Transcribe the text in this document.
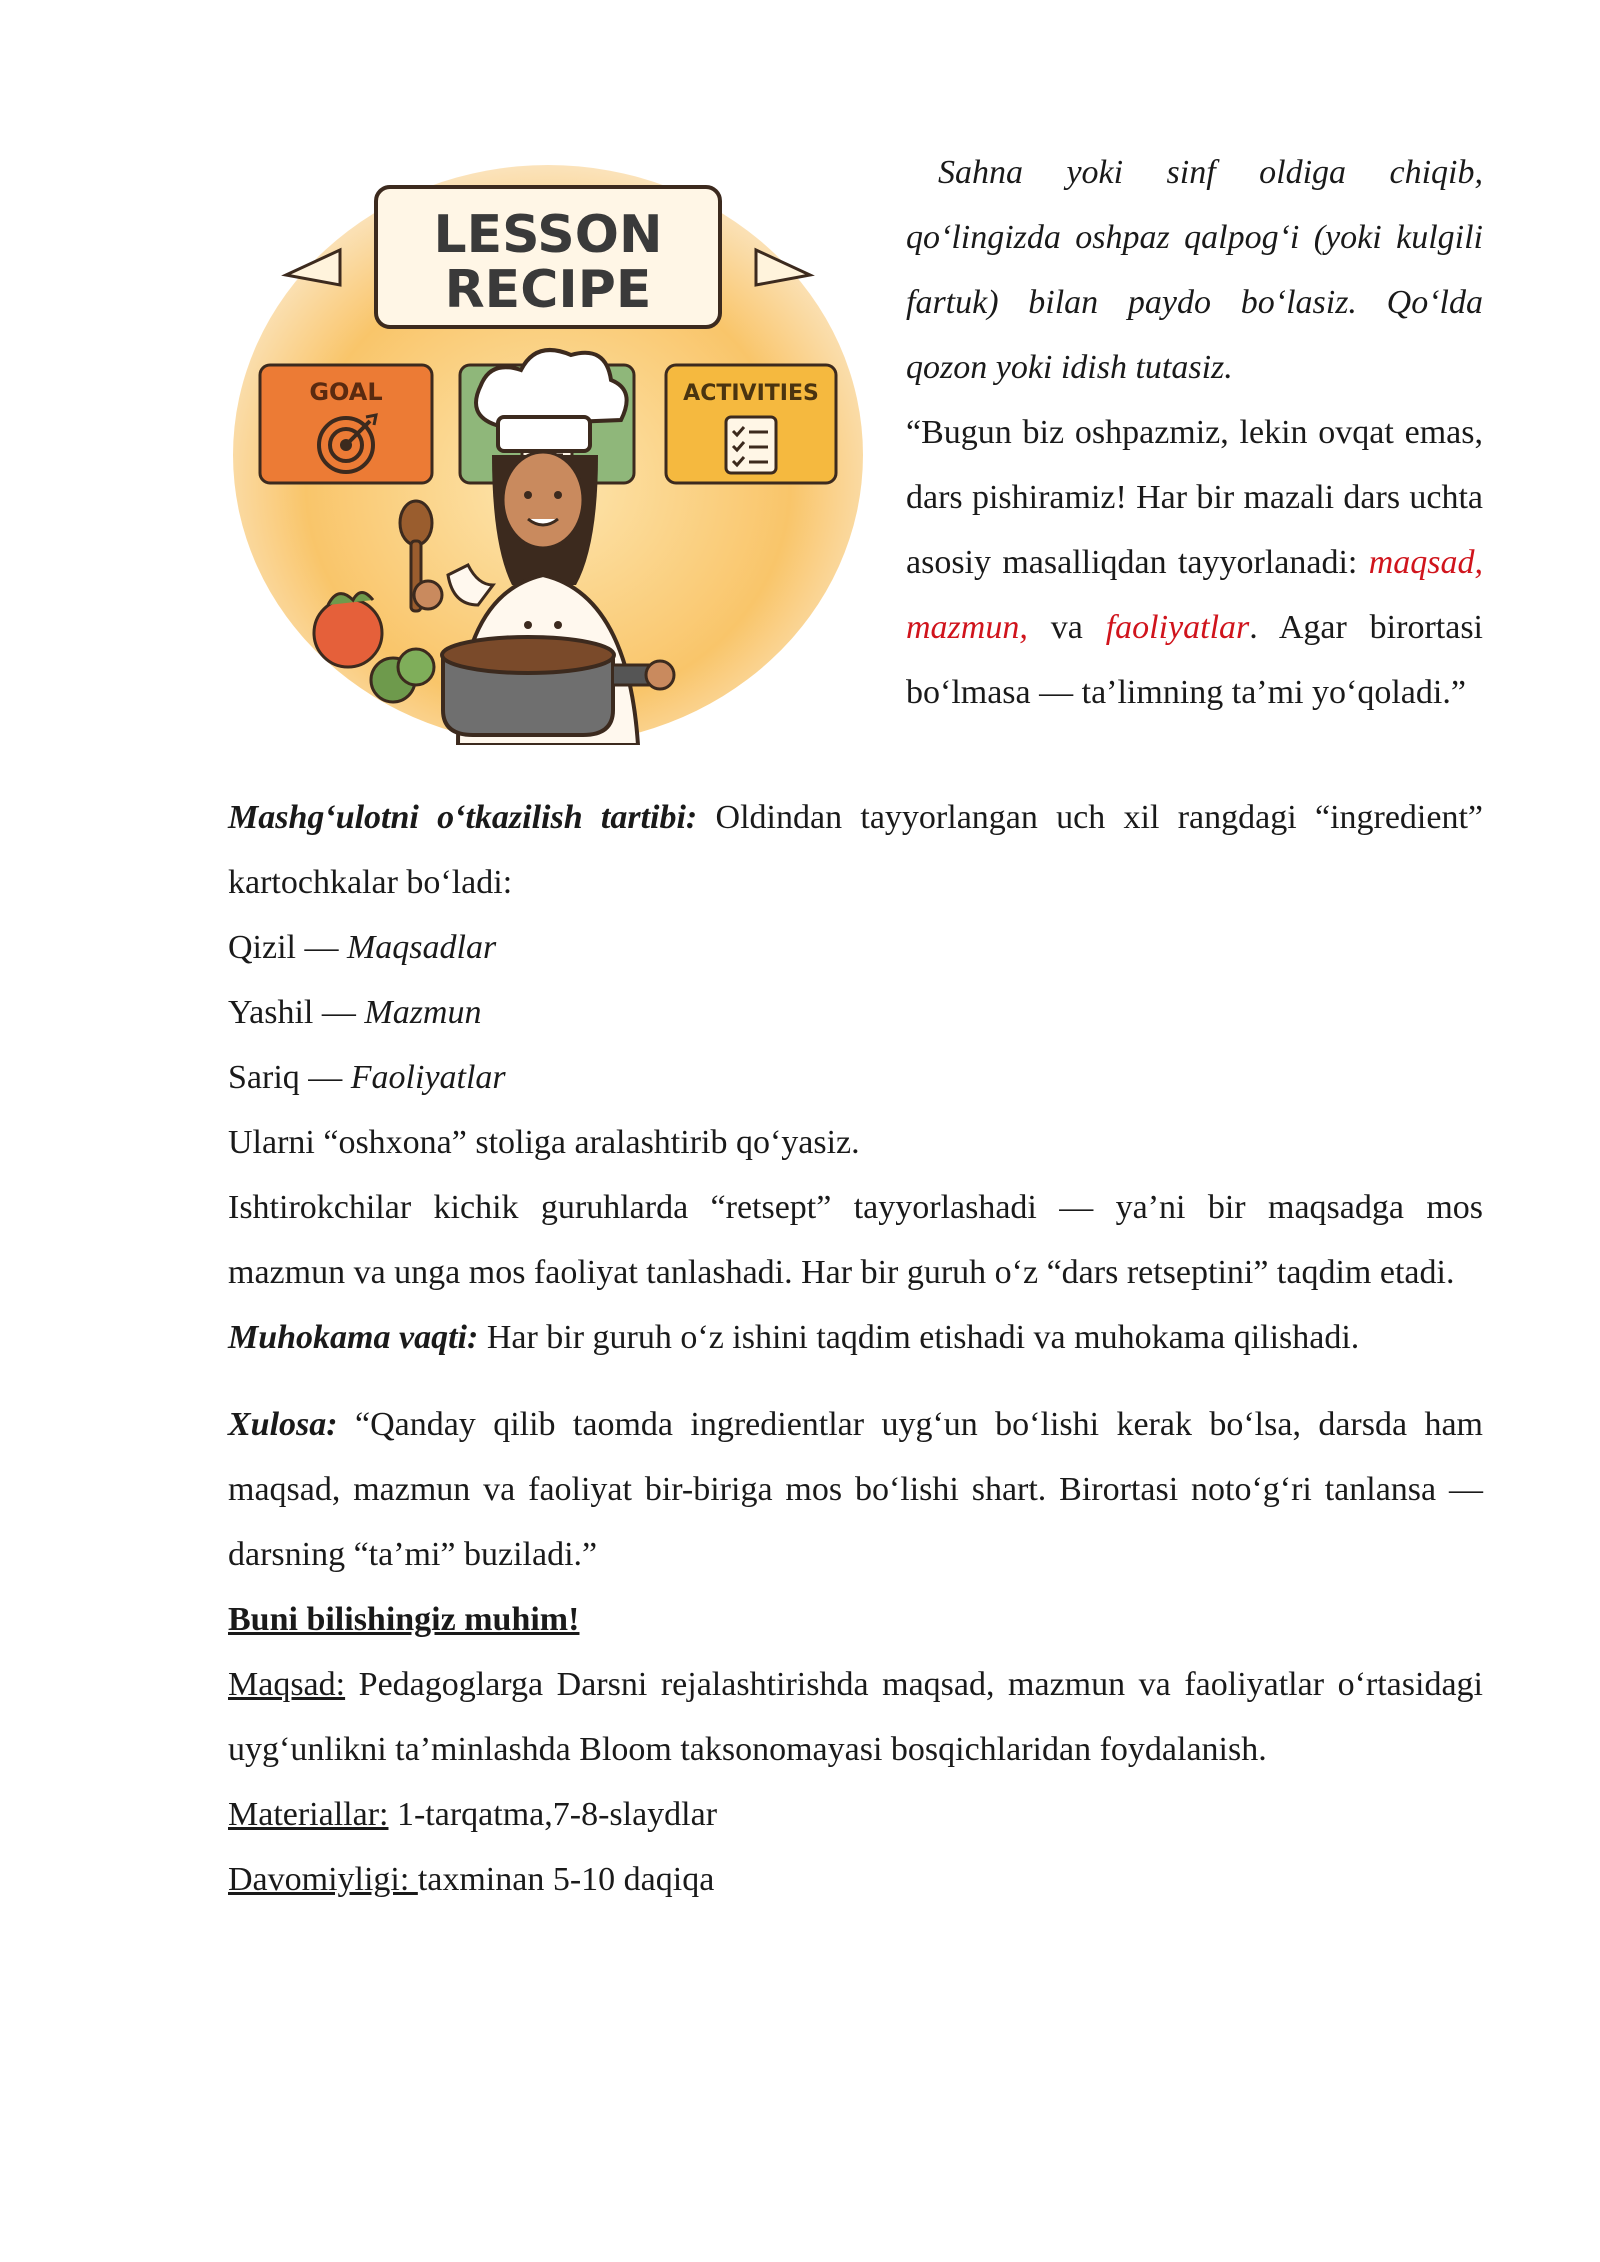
LESSON
RECIPE
GOAL	ACTIVITIES

Sahna yoki sinf oldiga chiqib, qo‘lingizda oshpaz qalpog‘i (yoki kulgili fartuk) bilan paydo bo‘lasiz. Qo‘lda qozon yoki idish tutasiz.

“Bugun biz oshpazmiz, lekin ovqat emas, dars pishiramiz! Har bir mazali dars uchta asosiy masalliqdan tayyorlanadi: maqsad, mazmun, va faoliyatlar. Agar birortasi bo‘lmasa — ta’limning ta’mi yo‘qoladi.”

Mashg‘ulotni o‘tkazilish tartibi: Oldindan tayyorlangan uch xil rangdagi “ingredient” kartochkalar bo‘ladi:

Qizil — Maqsadlar

Yashil — Mazmun

Sariq — Faoliyatlar

Ularni “oshxona” stoliga aralashtirib qo‘yasiz.

Ishtirokchilar kichik guruhlarda “retsept” tayyorlashadi — ya’ni bir maqsadga mos mazmun va unga mos faoliyat tanlashadi. Har bir guruh o‘z “dars retseptini” taqdim etadi.

Muhokama vaqti: Har bir guruh o‘z ishini taqdim etishadi va muhokama qilishadi.

Xulosa: “Qanday qilib taomda ingredientlar uyg‘un bo‘lishi kerak bo‘lsa, darsda ham maqsad, mazmun va faoliyat bir-biriga mos bo‘lishi shart. Birortasi noto‘g‘ri tanlansa — darsning “ta’mi” buziladi.”

Buni bilishingiz muhim!

Maqsad: Pedagoglarga Darsni rejalashtirishda maqsad, mazmun va faoliyatlar o‘rtasidagi uyg‘unlikni ta’minlashda Bloom taksonomayasi bosqichlaridan foydalanish.

Materiallar: 1-tarqatma,7-8-slaydlar

Davomiyligi: taxminan 5-10 daqiqa
